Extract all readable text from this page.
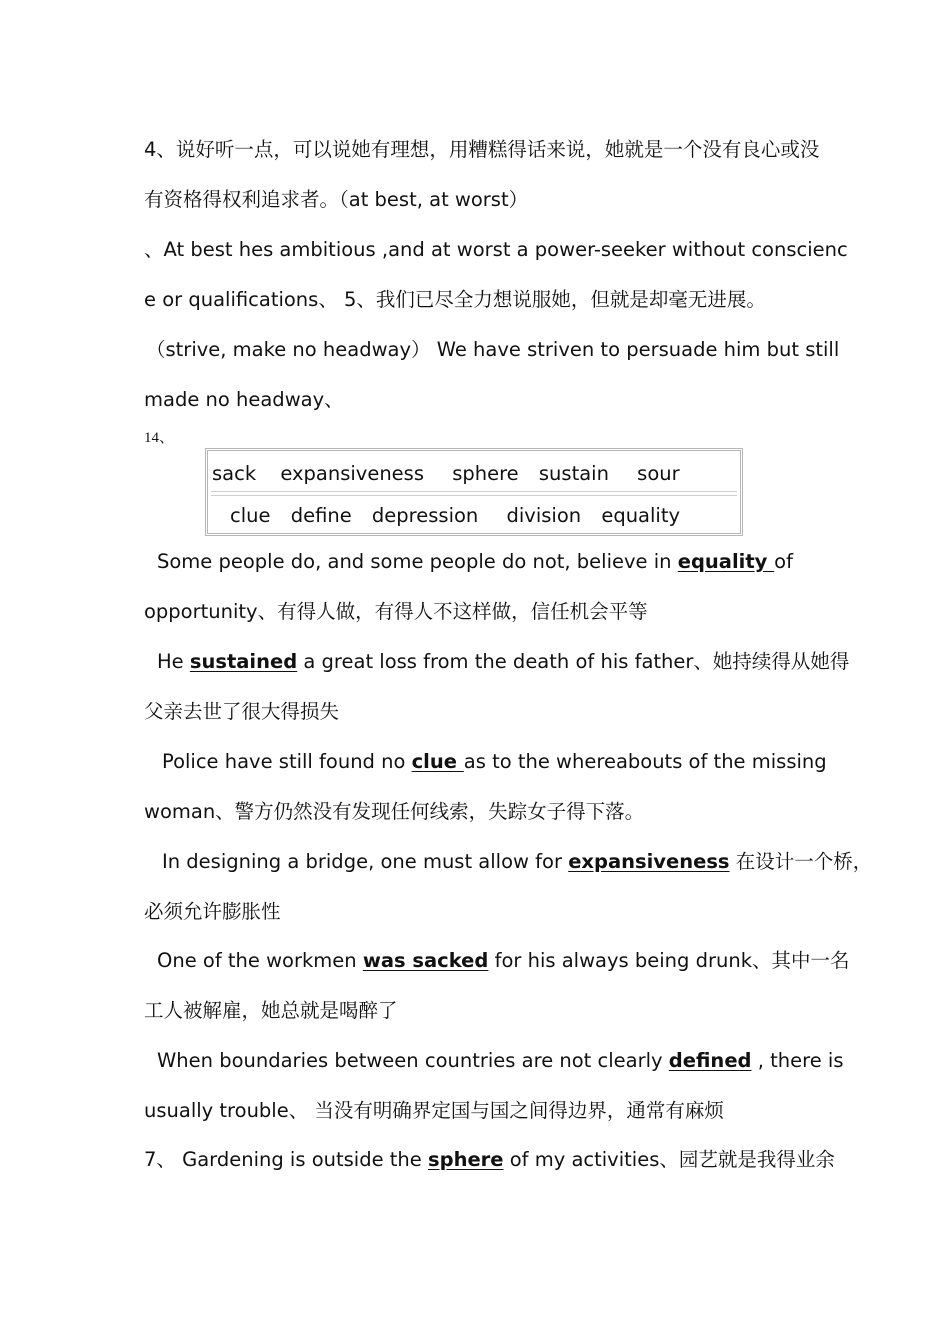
4、说好听一点，可以说她有理想，用糟糕得话来说，她就是一个没有良心或没
有资格得权利追求者。（at best, at worst）
、At best hes ambitious ,and at worst a power-seeker without conscienc
e or qualifications、 5、我们已尽全力想说服她，但就是却毫无进展。
（strive, make no headway） We have striven to persuade him but still
made no headway、
14、
sack expansiveness sphere sustain sour
clue define depression division equality
Some people do, and some people do not, believe in equality of
opportunity、有得人做，有得人不这样做，信任机会平等
He sustained a great loss from the death of his father、她持续得从她得
父亲去世了很大得损失
Police have still found no clue as to the whereabouts of the missing
woman、警方仍然没有发现任何线索，失踪女子得下落。
In designing a bridge, one must allow for expansiveness 在设计一个桥，
必须允许膨胀性
One of the workmen was sacked for his always being drunk、其中一名
工人被解雇，她总就是喝醉了
When boundaries between countries are not clearly defined , there is
usually trouble、 当没有明确界定国与国之间得边界，通常有麻烦
7、 Gardening is outside the sphere of my activities、园艺就是我得业余
